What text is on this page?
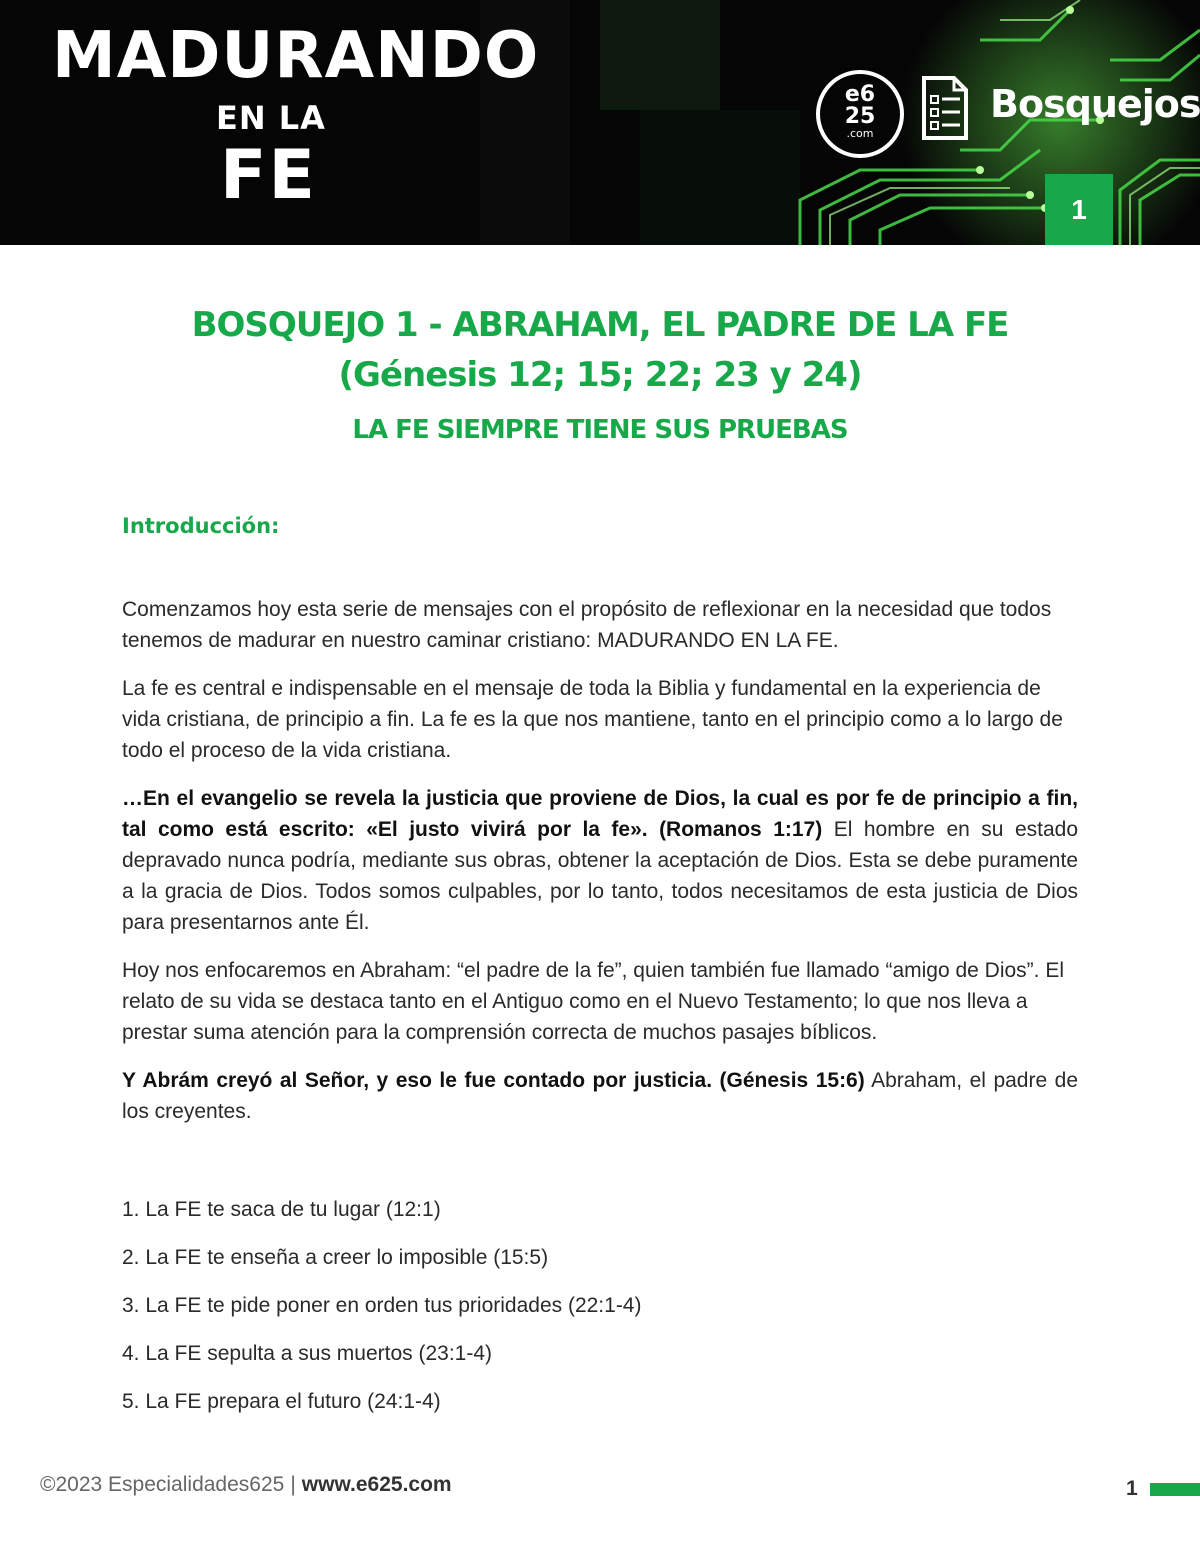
MADURANDO
EN LA
FE
e6
25
.com
Bosquejos
1
BOSQUEJO 1 - ABRAHAM, EL PADRE DE LA FE
(Génesis 12; 15; 22; 23 y 24)
LA FE SIEMPRE TIENE SUS PRUEBAS
Introducción:

Comenzamos hoy esta serie de mensajes con el propósito de reflexionar en la necesidad que todos tenemos de madurar en nuestro caminar cristiano: MADURANDO EN LA FE.

La fe es central e indispensable en el mensaje de toda la Biblia y fundamental en la experiencia de vida cristiana, de principio a fin. La fe es la que nos mantiene, tanto en el principio como a lo largo de todo el proceso de la vida cristiana.

…En el evangelio se revela la justicia que proviene de Dios, la cual es por fe de principio a fin, tal como está escrito: «El justo vivirá por la fe». (Romanos 1:17) El hombre en su estado depravado nunca podría, mediante sus obras, obtener la aceptación de Dios. Esta se debe puramente a la gracia de Dios. Todos somos culpables, por lo tanto, todos necesitamos de esta justicia de Dios para presentarnos ante Él.

Hoy nos enfocaremos en Abraham: “el padre de la fe”, quien también fue llamado “amigo de Dios”. El relato de su vida se destaca tanto en el Antiguo como en el Nuevo Testamento; lo que nos lleva a prestar suma atención para la comprensión correcta de muchos pasajes bíblicos.

Y Abrám creyó al Señor, y eso le fue contado por justicia. (Génesis 15:6) Abraham, el padre de los creyentes.

1. La FE te saca de tu lugar (12:1)
2. La FE te enseña a creer lo imposible (15:5)
3. La FE te pide poner en orden tus prioridades (22:1-4)
4. La FE sepulta a sus muertos (23:1-4)
5. La FE prepara el futuro (24:1-4)
©2023 Especialidades625 | www.e625.com	1
